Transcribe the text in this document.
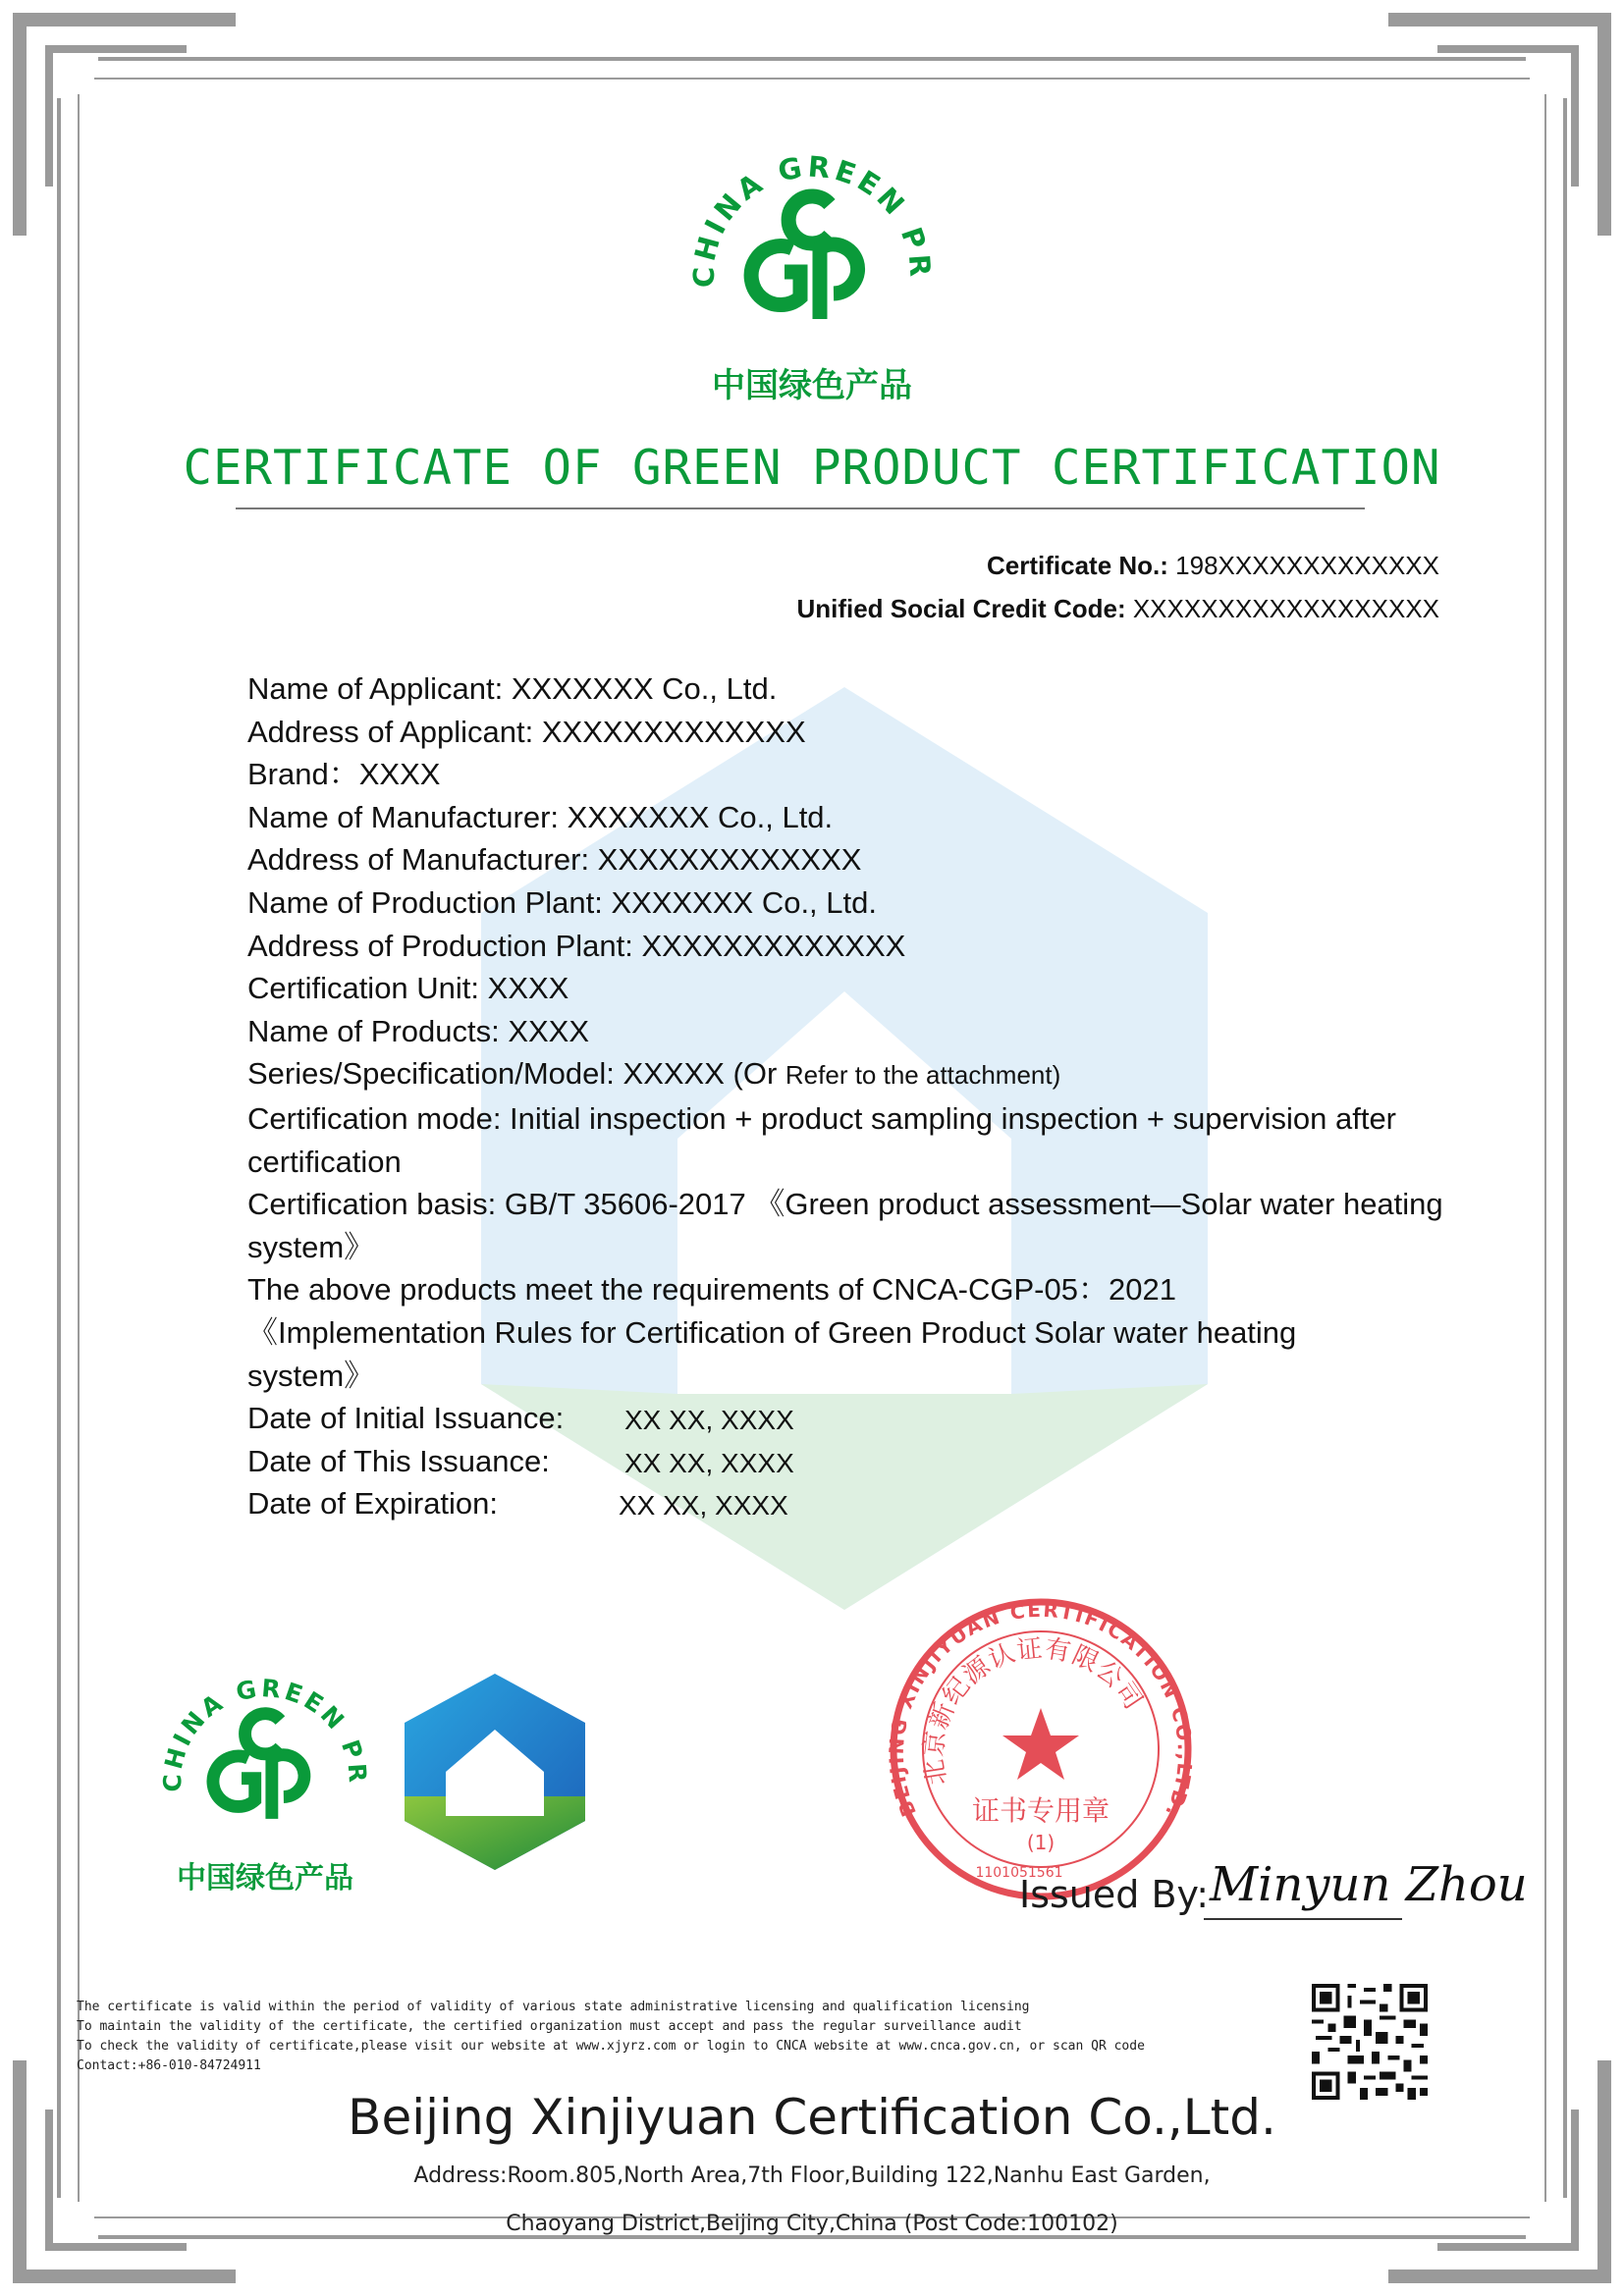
CHINA GREEN PR
中国绿色产品
CERTIFICATE OF GREEN PRODUCT CERTIFICATION
Certificate No.: 198XXXXXXXXXXXXX
Unified Social Credit Code: XXXXXXXXXXXXXXXXXX
Name of Applicant: XXXXXXX Co., Ltd.
Address of Applicant: XXXXXXXXXXXXX
Brand：XXXX
Name of Manufacturer: XXXXXXX Co., Ltd.
Address of Manufacturer: XXXXXXXXXXXXX
Name of Production Plant: XXXXXXX Co., Ltd.
Address of Production Plant: XXXXXXXXXXXXX
Certification Unit: XXXX
Name of Products: XXXX
Series/Specification/Model: XXXXX (Or Refer to the attachment)
Certification mode: Initial inspection + product sampling inspection + supervision after certification
Certification basis: GB/T 35606-2017 《Green product assessment—Solar water heating system》
The above products meet the requirements of CNCA-CGP-05：2021 《Implementation Rules for Certification of Green Product Solar water heating system》
Date of Initial Issuance: XX XX, XXXX
Date of This Issuance:	XX XX, XXXX
Date of Expiration:	XX XX, XXXX
CHINA GREEN PR
中国绿色产品
BEIJING XINJIYUAN CERTIFICATION CO.,LTD.
北京新纪源认证有限公司
证书专用章
(1)
1101051561
Issued By: Minyun Zhou
The certificate is valid within the period of validity of various state administrative licensing and qualification licensing
To maintain the validity of the certificate, the certified organization must accept and pass the regular surveillance audit
To check the validity of certificate,please visit our website at www.xjyrz.com or login to CNCA website at www.cnca.gov.cn, or scan QR code
Contact:+86-010-84724911
Beijing Xinjiyuan Certification Co.,Ltd.
Address:Room.805,North Area,7th Floor,Building 122,Nanhu East Garden,
Chaoyang District,Beijing City,China (Post Code:100102)
